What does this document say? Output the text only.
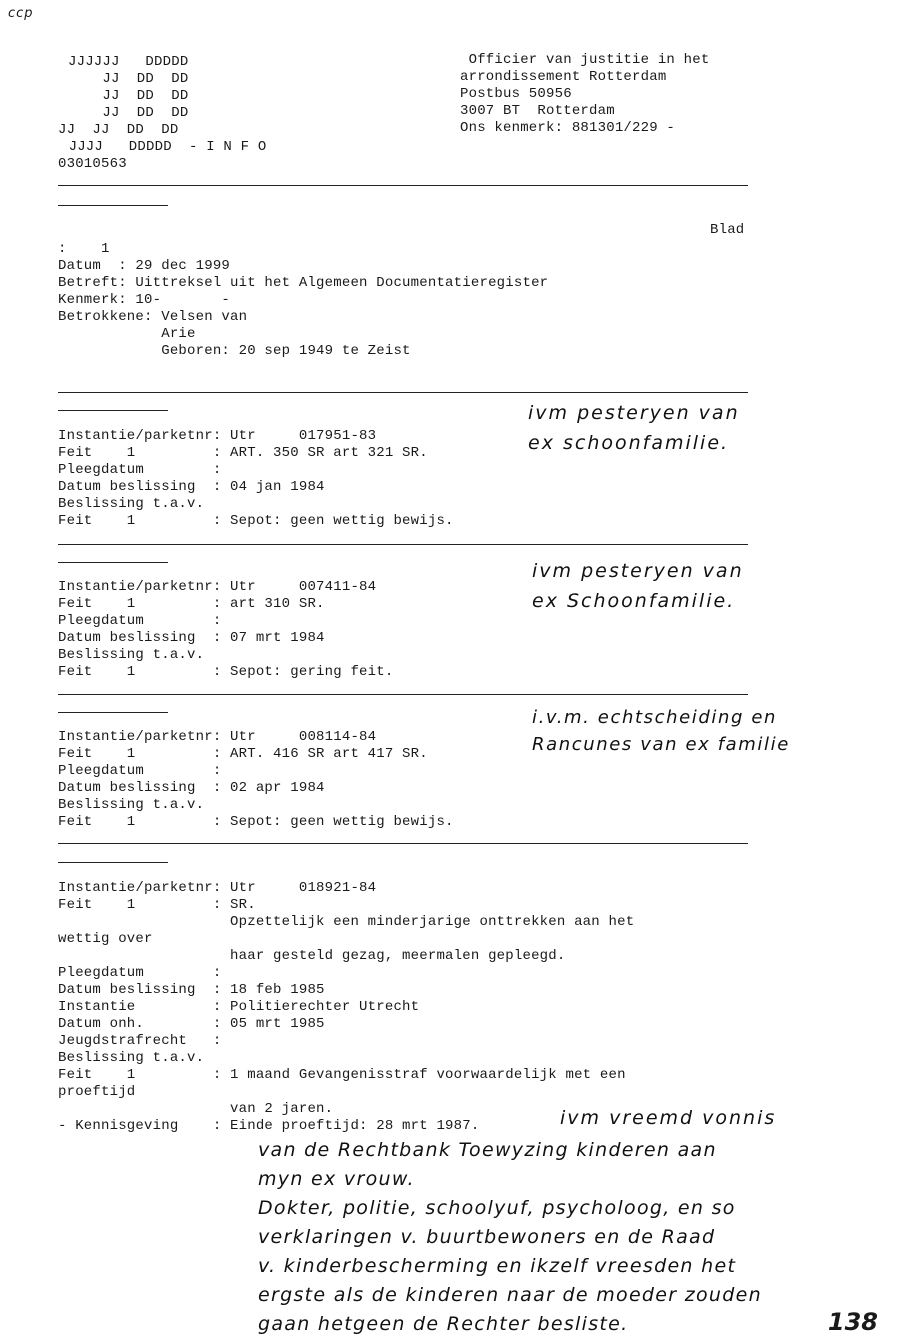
ccp
JJJJJJ   DDDDD
JJ  DD  DD
JJ  DD  DD
JJ  DD  DD
JJ  JJ  DD  DD
JJJJ   DDDDD  - I N F O
03010563
Officier van justitie in het
arrondissement Rotterdam
Postbus 50956
3007 BT  Rotterdam
Ons kenmerk: 881301/229 -
Blad
:    1
Datum  : 29 dec 1999
Betreft: Uittreksel uit het Algemeen Documentatieregister
Kenmerk: 10-       -
Betrokkene: Velsen van
Arie
Geboren: 20 sep 1949 te Zeist
Instantie/parketnr: Utr     017951-83
Feit    1         : ART. 350 SR art 321 SR.
Pleegdatum        :
Datum beslissing  : 04 jan 1984
Beslissing t.a.v.
Feit    1         : Sepot: geen wettig bewijs.
ivm pesteryen van
ex schoonfamilie.
Instantie/parketnr: Utr     007411-84
Feit    1         : art 310 SR.
Pleegdatum        :
Datum beslissing  : 07 mrt 1984
Beslissing t.a.v.
Feit    1         : Sepot: gering feit.
ivm pesteryen van
ex Schoonfamilie.
Instantie/parketnr: Utr     008114-84
Feit    1         : ART. 416 SR art 417 SR.
Pleegdatum        :
Datum beslissing  : 02 apr 1984
Beslissing t.a.v.
Feit    1         : Sepot: geen wettig bewijs.
i.v.m. echtscheiding en
Rancunes van ex familie
Instantie/parketnr: Utr     018921-84
Feit    1         : SR.
Opzettelijk een minderjarige onttrekken aan het
wettig over
haar gesteld gezag, meermalen gepleegd.
Pleegdatum        :
Datum beslissing  : 18 feb 1985
Instantie         : Politierechter Utrecht
Datum onh.        : 05 mrt 1985
Jeugdstrafrecht   :
Beslissing t.a.v.
Feit    1         : 1 maand Gevangenisstraf voorwaardelijk met een
proeftijd
van 2 jaren.
- Kennisgeving    : Einde proeftijd: 28 mrt 1987.	ivm vreemd vonnis
van de Rechtbank Toewyzing kinderen aan
myn ex vrouw.
Dokter, politie, schoolyuf, psycholoog, en so
verklaringen v. buurtbewoners en de Raad
v. kinderbescherming en ikzelf vreesden het
ergste als de kinderen naar de moeder zouden
gaan hetgeen de Rechter besliste.	138
